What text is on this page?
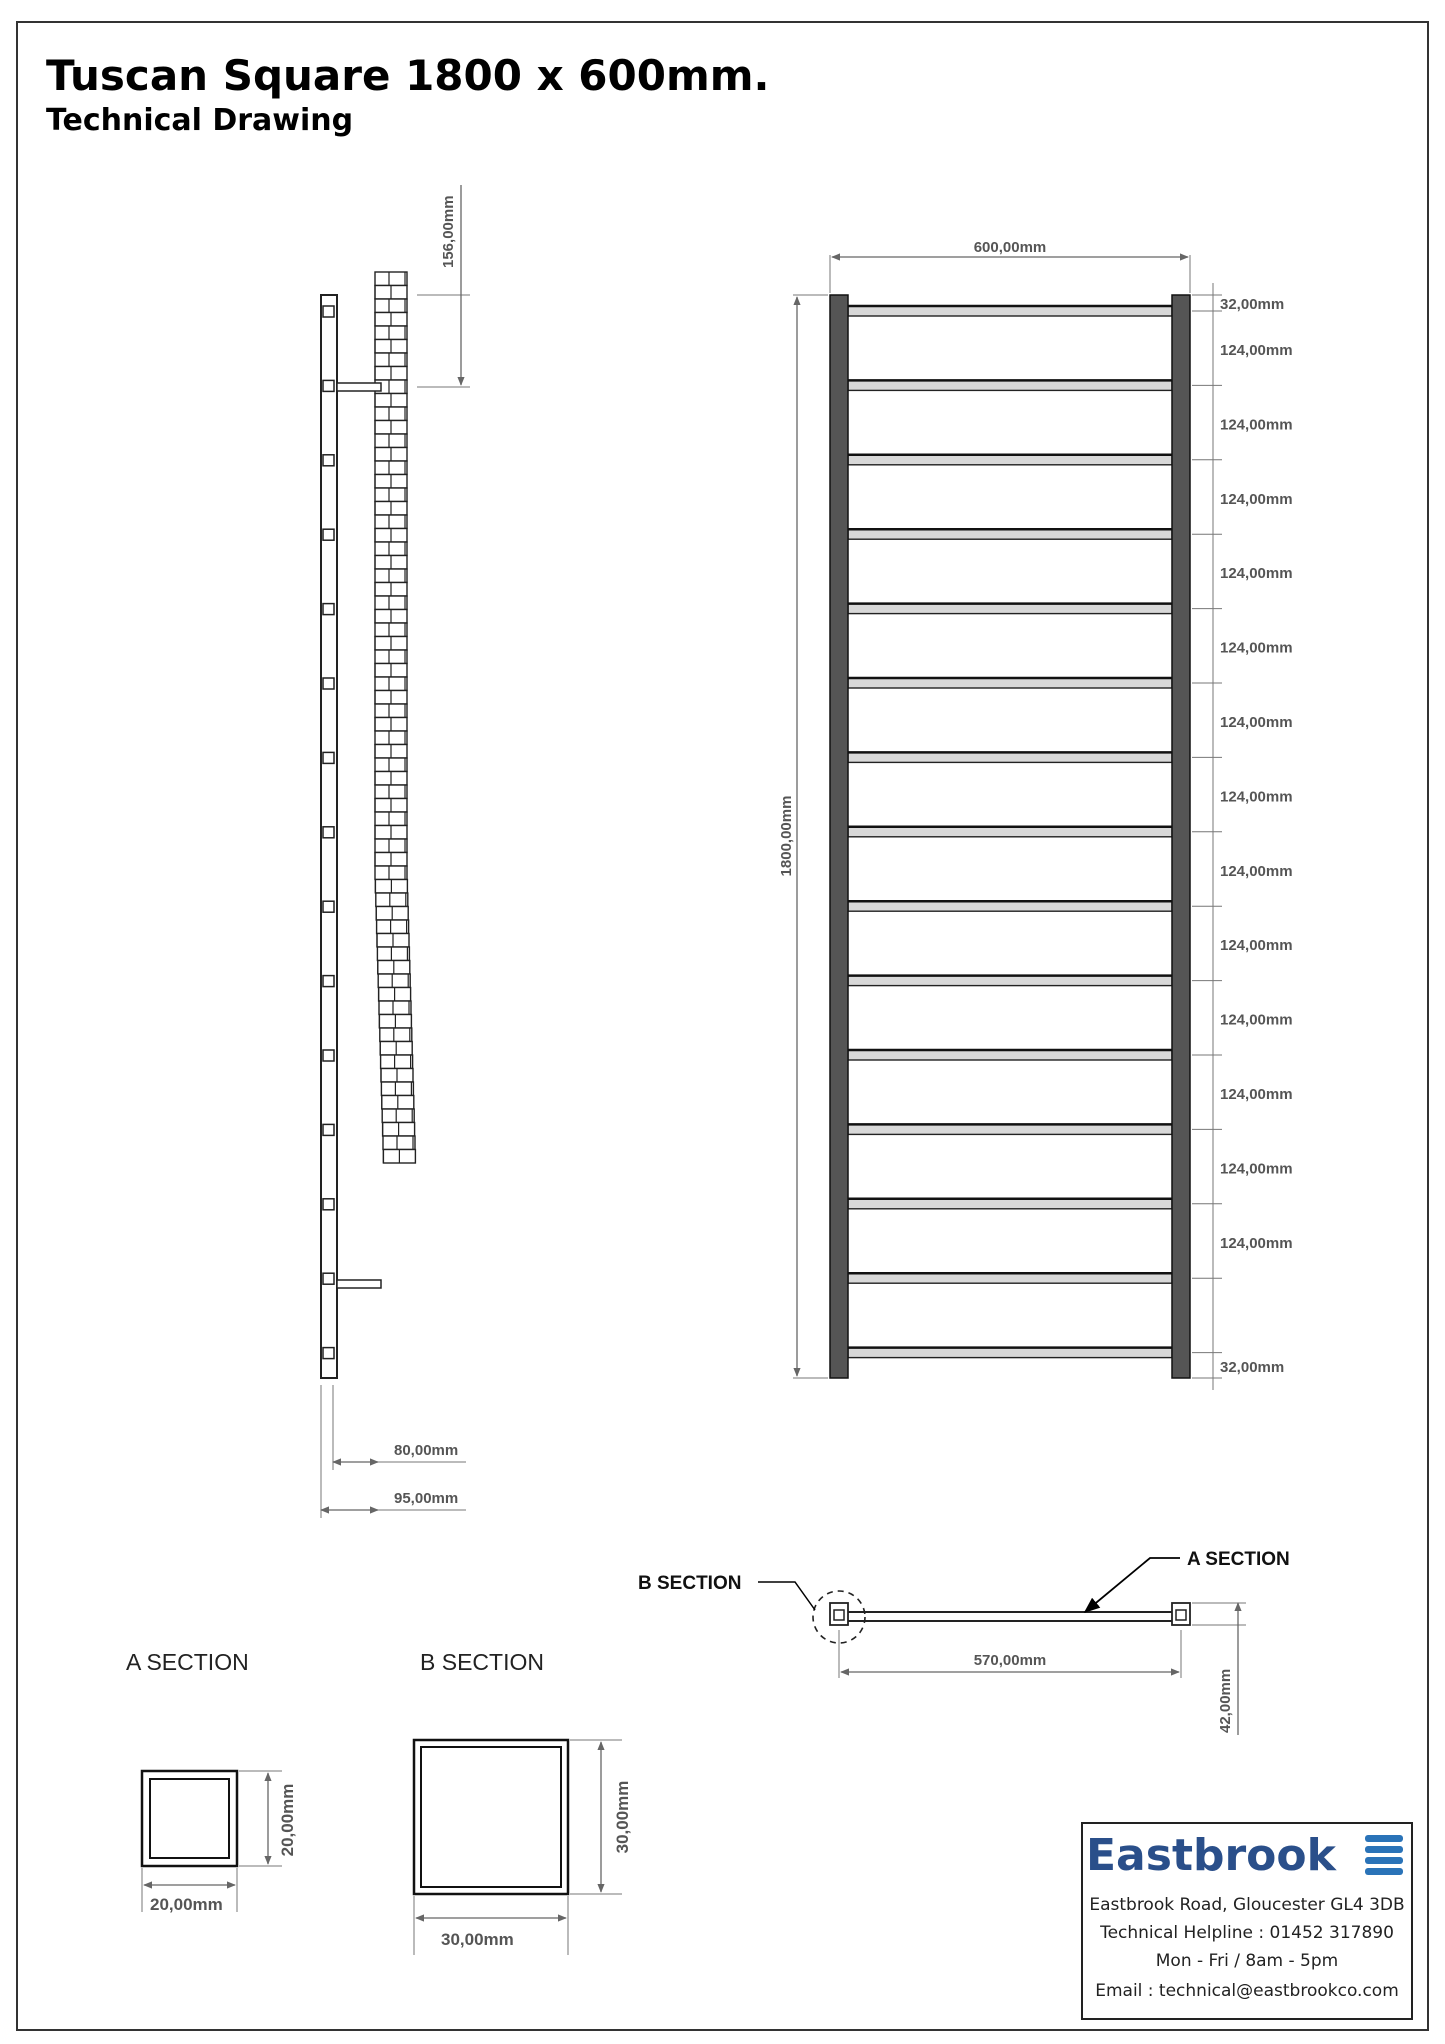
Tuscan Square 1800 x 600mm.
Technical Drawing
156,00mm
80,00mm
95,00mm
600,00mm
1800,00mm
32,00mm
32,00mm
124,00mm
124,00mm
124,00mm
124,00mm
124,00mm
124,00mm
124,00mm
124,00mm
124,00mm
124,00mm
124,00mm
124,00mm
124,00mm
B SECTION
A SECTION
570,00mm
42,00mm
A SECTION
20,00mm
20,00mm
B SECTION
30,00mm
30,00mm
Eastbrook
Eastbrook Road, Gloucester GL4 3DB
Technical Helpline : 01452 317890
Mon - Fri / 8am - 5pm
Email : technical@eastbrookco.com
